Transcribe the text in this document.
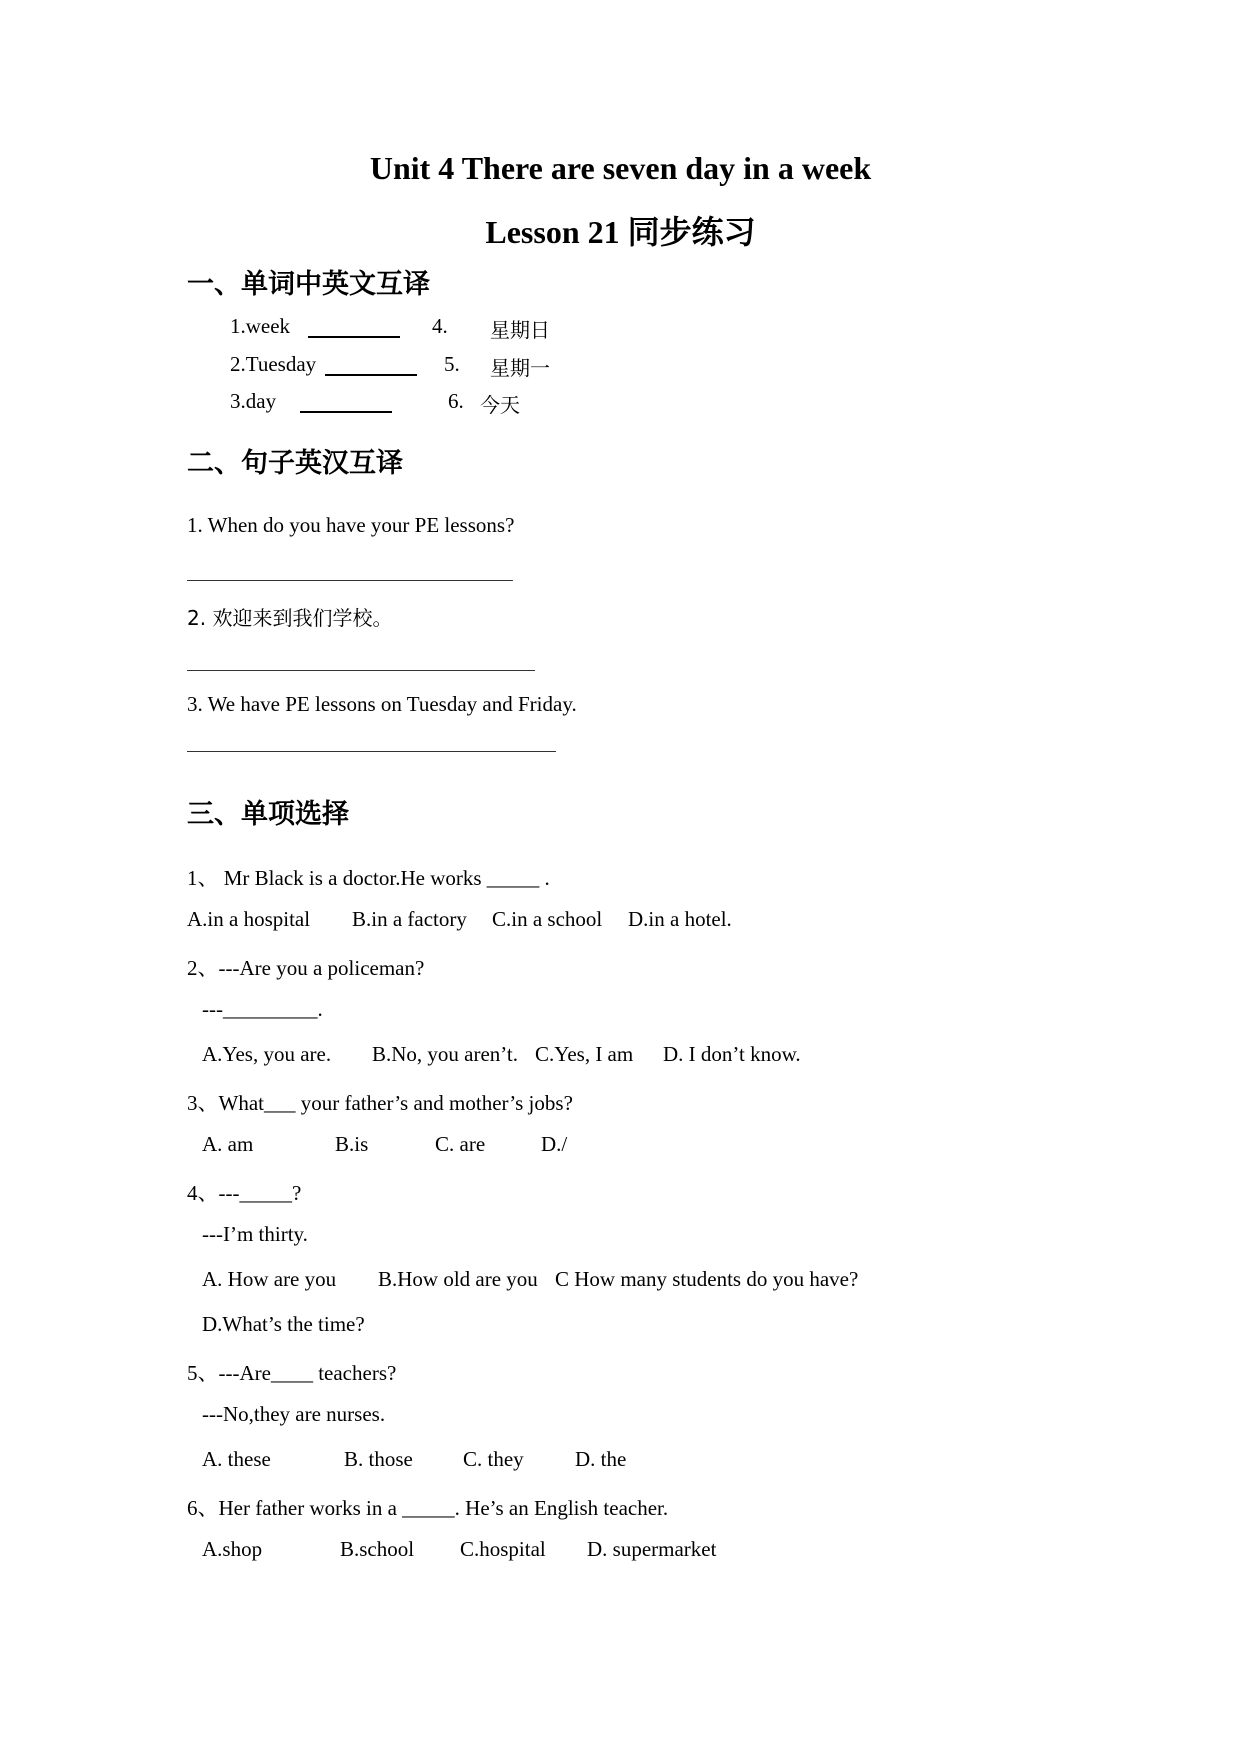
Unit 4 There are seven day in a week
Lesson 21 同步练习
一、单词中英文互译
1.week	4. 星期日
2.Tuesday	5. 星期一
3.day	6. 今天
二、句子英汉互译
1. When do you have your PE lessons?
2. 欢迎来到我们学校。
3. We have PE lessons on Tuesday and Friday.
三、单项选择
1、 Mr Black is a doctor.He works _____ .
A.in a hospital B.in a factory C.in a school D.in a hotel.
2、---Are you a policeman?
---_________.
A.Yes, you are. B.No, you aren’t. C.Yes, I am D. I don’t know.
3、What___ your father’s and mother’s jobs?
A. am	B.is	C. are	D./
4、---_____?
---I’m thirty.
A. How are you B.How old are you C How many students do you have?
D.What’s the time?
5、---Are____ teachers?
---No,they are nurses.
A. these	B. those C. they D. the
6、Her father works in a _____. He’s an English teacher.
A.shop	B.school C.hospital D. supermarket
